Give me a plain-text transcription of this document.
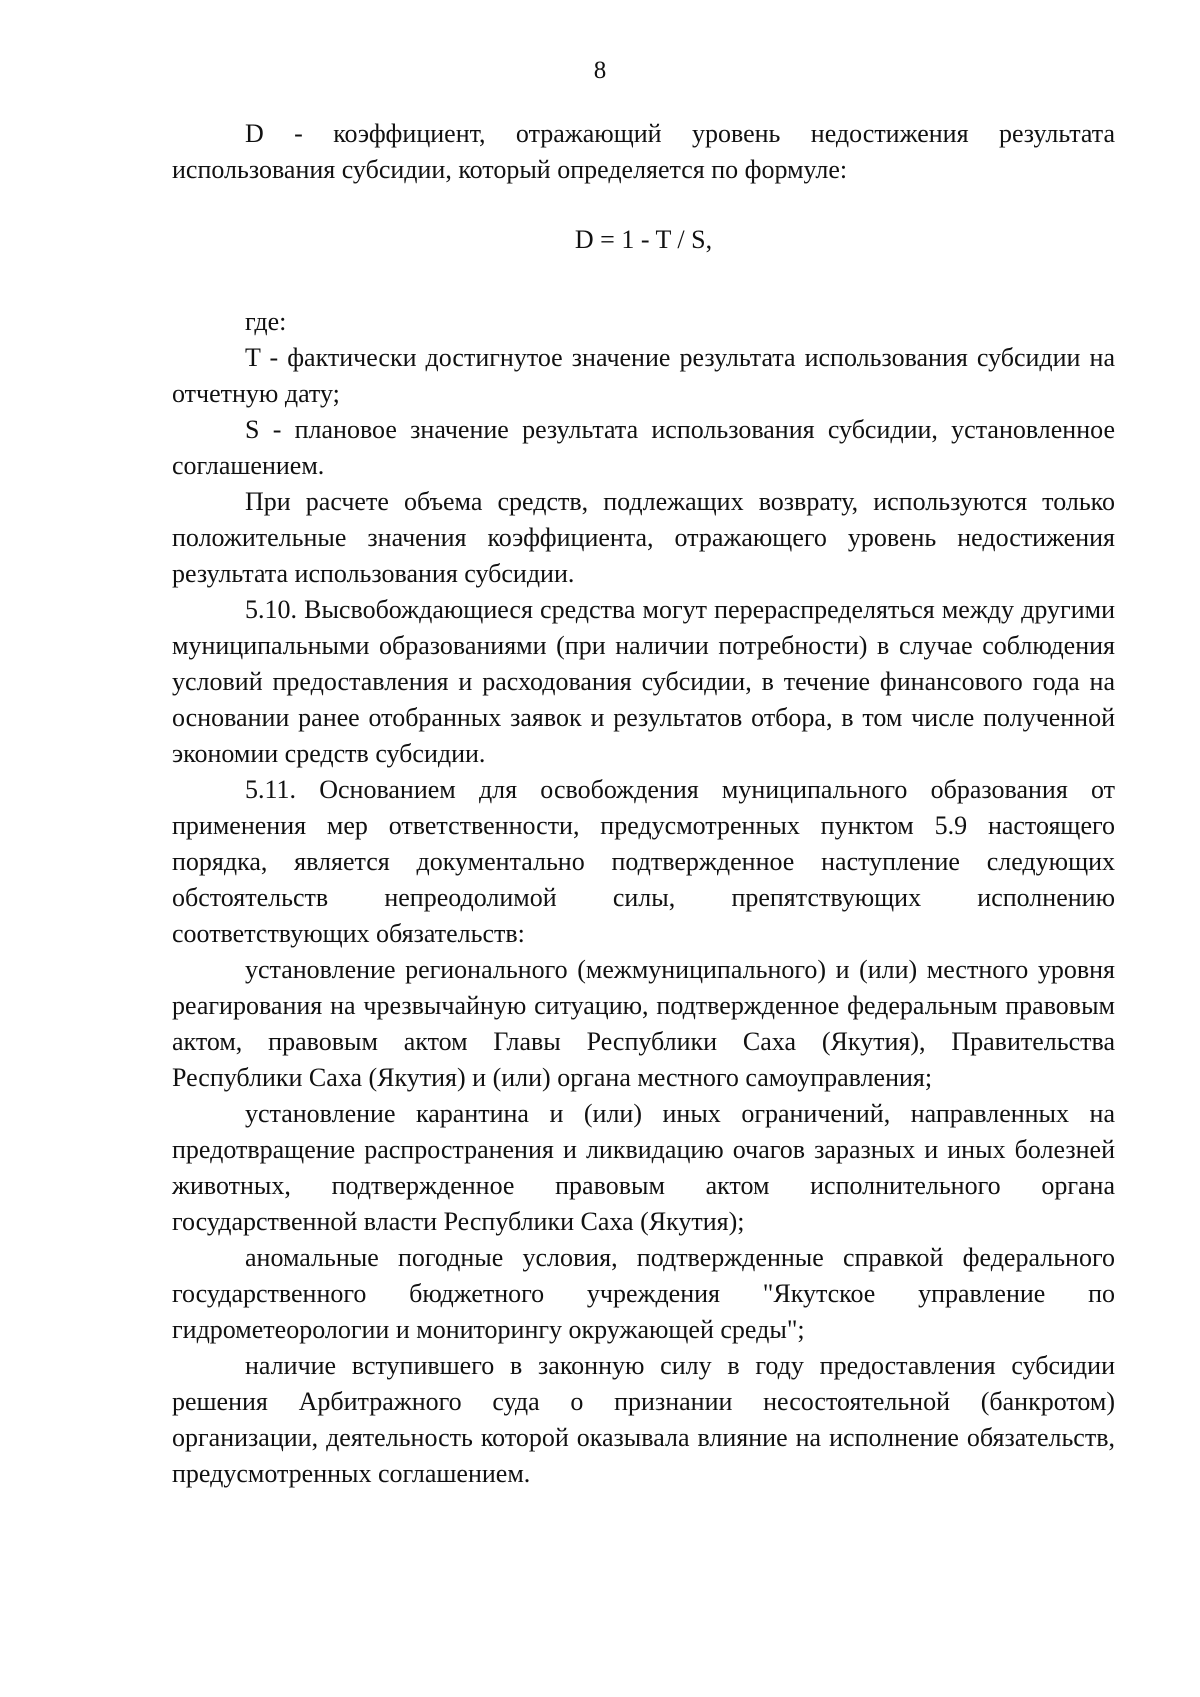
8

D - коэффициент, отражающий уровень недостижения результата использования субсидии, который определяется по формуле:

D = 1 - T / S,

где:

T - фактически достигнутое значение результата использования субсидии на отчетную дату;

S - плановое значение результата использования субсидии, установленное соглашением.

При расчете объема средств, подлежащих возврату, используются только положительные значения коэффициента, отражающего уровень недостижения результата использования субсидии.

5.10. Высвобождающиеся средства могут перераспределяться между другими муниципальными образованиями (при наличии потребности) в случае соблюдения условий предоставления и расходования субсидии, в течение финансового года на основании ранее отобранных заявок и результатов отбора, в том числе полученной экономии средств субсидии.

5.11. Основанием для освобождения муниципального образования от применения мер ответственности, предусмотренных пунктом 5.9 настоящего порядка, является документально подтвержденное наступление следующих обстоятельств непреодолимой силы, препятствующих исполнению соответствующих обязательств:

установление регионального (межмуниципального) и (или) местного уровня реагирования на чрезвычайную ситуацию, подтвержденное федеральным правовым актом, правовым актом Главы Республики Саха (Якутия), Правительства Республики Саха (Якутия) и (или) органа местного самоуправления;

установление карантина и (или) иных ограничений, направленных на предотвращение распространения и ликвидацию очагов заразных и иных болезней животных, подтвержденное правовым актом исполнительного органа государственной власти Республики Саха (Якутия);

аномальные погодные условия, подтвержденные справкой федерального государственного бюджетного учреждения "Якутское управление по гидрометеорологии и мониторингу окружающей среды";

наличие вступившего в законную силу в году предоставления субсидии решения Арбитражного суда о признании несостоятельной (банкротом) организации, деятельность которой оказывала влияние на исполнение обязательств, предусмотренных соглашением.
